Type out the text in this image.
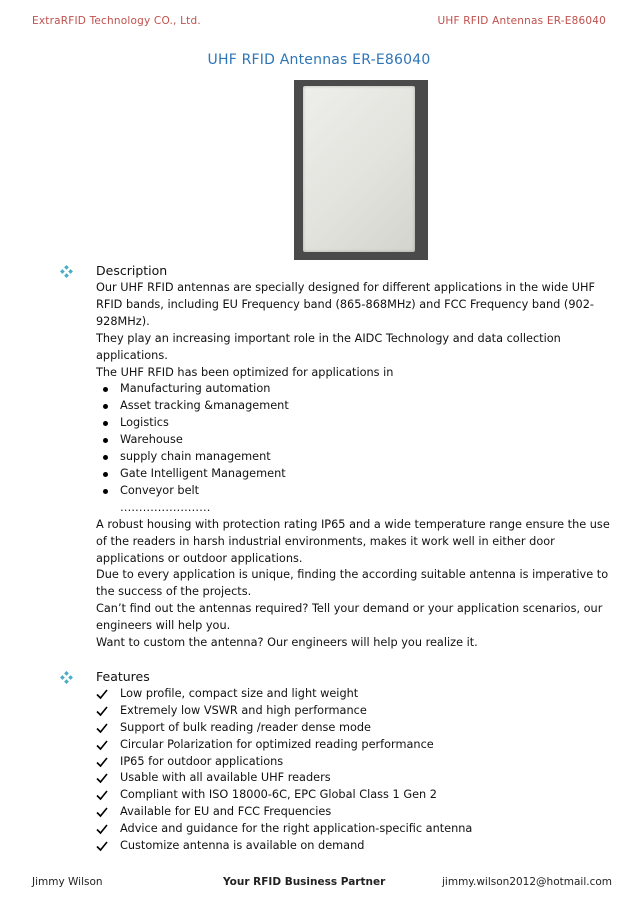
ExtraRFID Technology CO., Ltd.	UHF RFID Antennas ER-E86040
UHF RFID Antennas ER-E86040
Description

Our UHF RFID antennas are specially designed for different applications in the wide UHF RFID bands, including EU Frequency band (865-868MHz) and FCC Frequency band (902-928MHz).

They play an increasing important role in the AIDC Technology and data collection applications.

The UHF RFID has been optimized for applications in

Manufacturing automation
Asset tracking &management
Logistics
Warehouse
supply chain management
Gate Intelligent Management
Conveyor belt
……………………

A robust housing with protection rating IP65 and a wide temperature range ensure the use of the readers in harsh industrial environments, makes it work well in either door applications or outdoor applications.

Due to every application is unique, finding the according suitable antenna is imperative to the success of the projects.

Can’t find out the antennas required? Tell your demand or your application scenarios, our engineers will help you.

Want to custom the antenna? Our engineers will help you realize it.

Features
Low profile, compact size and light weight
Extremely low VSWR and high performance
Support of bulk reading /reader dense mode
Circular Polarization for optimized reading performance
IP65 for outdoor applications
Usable with all available UHF readers
Compliant with ISO 18000-6C, EPC Global Class 1 Gen 2
Available for EU and FCC Frequencies
Advice and guidance for the right application-specific antenna
Customize antenna is available on demand
Jimmy Wilson	Your RFID Business Partner	jimmy.wilson2012@hotmail.com
